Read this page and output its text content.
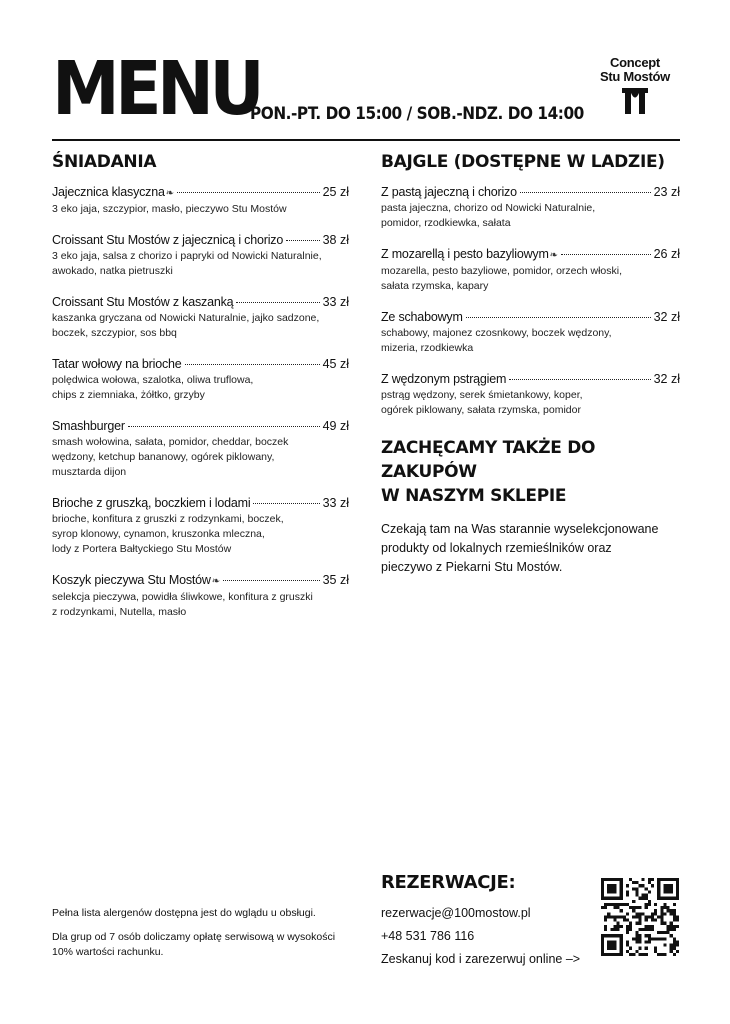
MENU
PON.-PT. DO 15:00 / SOB.-NDZ. DO 14:00
Concept
Stu Mostów
ŚNIADANIA
Jajecznica klasyczna ❧	25 zł
3 eko jaja, szczypior, masło, pieczywo Stu Mostów
Croissant Stu Mostów z jajecznicą i chorizo	38 zł
3 eko jaja, salsa z chorizo i papryki od Nowicki Naturalnie,
awokado, natka pietruszki
Croissant Stu Mostów z kaszanką	33 zł
kaszanka gryczana od Nowicki Naturalnie, jajko sadzone,
boczek, szczypior, sos bbq
Tatar wołowy na brioche	45 zł
polędwica wołowa, szalotka, oliwa truflowa,
chips z ziemniaka, żółtko, grzyby
Smashburger	49 zł
smash wołowina, sałata, pomidor, cheddar, boczek
wędzony, ketchup bananowy, ogórek piklowany,
musztarda dijon
Brioche z gruszką, boczkiem i lodami	33 zł
brioche, konfitura z gruszki z rodzynkami, boczek,
syrop klonowy, cynamon, kruszonka mleczna,
lody z Portera Bałtyckiego Stu Mostów
Koszyk pieczywa Stu Mostów ❧	35 zł
selekcja pieczywa, powidła śliwkowe, konfitura z gruszki
z rodzynkami, Nutella, masło
BAJGLE (DOSTĘPNE W LADZIE)
Z pastą jajeczną i chorizo	23 zł
pasta jajeczna, chorizo od Nowicki Naturalnie,
pomidor, rzodkiewka, sałata
Z mozarellą i pesto bazyliowym ❧	26 zł
mozarella, pesto bazyliowe, pomidor, orzech włoski,
sałata rzymska, kapary
Ze schabowym	32 zł
schabowy, majonez czosnkowy, boczek wędzony,
mizeria, rzodkiewka
Z wędzonym pstrągiem	32 zł
pstrąg wędzony, serek śmietankowy, koper,
ogórek piklowany, sałata rzymska, pomidor
ZACHĘCAMY TAKŻE DO ZAKUPÓW
W NASZYM SKLEPIE
Czekają tam na Was starannie wyselekcjonowane
produkty od lokalnych rzemieślników oraz
pieczywo z Piekarni Stu Mostów.
Pełna lista alergenów dostępna jest do wglądu u obsługi.
Dla grup od 7 osób doliczamy opłatę serwisową w wysokości
10% wartości rachunku.
REZERWACJE:
rezerwacje@100mostow.pl
+48 531 786 116
Zeskanuj kod i zarezerwuj online –>
